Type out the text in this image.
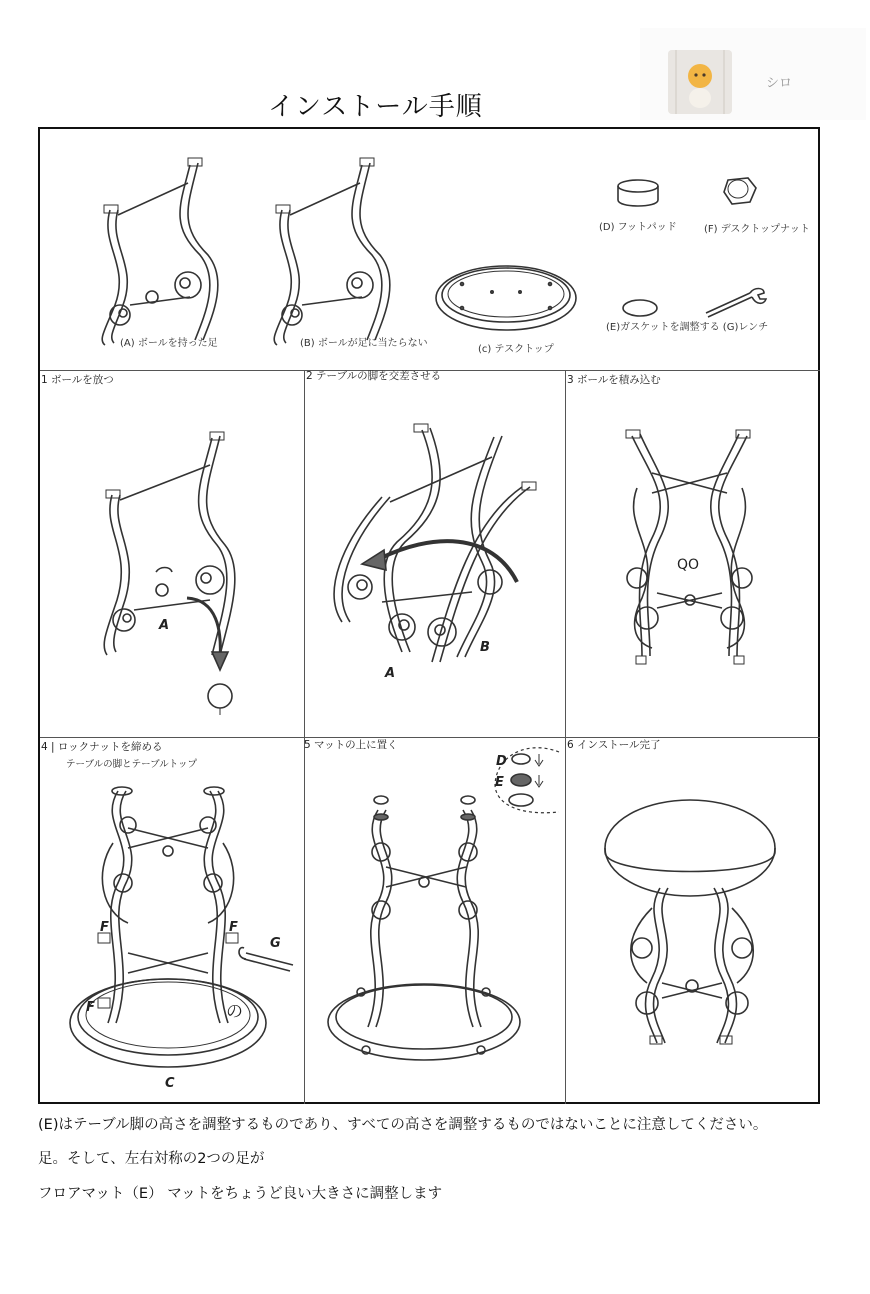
インストール手順
シロ
(A) ボールを持った足	(B) ボールが足に当たらない
(c) テスクトップ
(D) フットパッド	(F) デスクトップナット
(E)ガスケットを調整する (G)レンチ
1 ボールを放つ
A
2 テーブルの脚を交差させる
A
B
3 ボールを積み込む
QO
4 | ロックナットを締める
テーブルの脚とテーブルトップ
F	F
F
G
C
の
5 マットの上に置く
D
E
6 インストール完了
(E)はテーブル脚の高さを調整するものであり、すべての高さを調整するものではないことに注意してください。
足。そして、左右対称の2つの足が
フロアマット（E） マットをちょうど良い大きさに調整します
